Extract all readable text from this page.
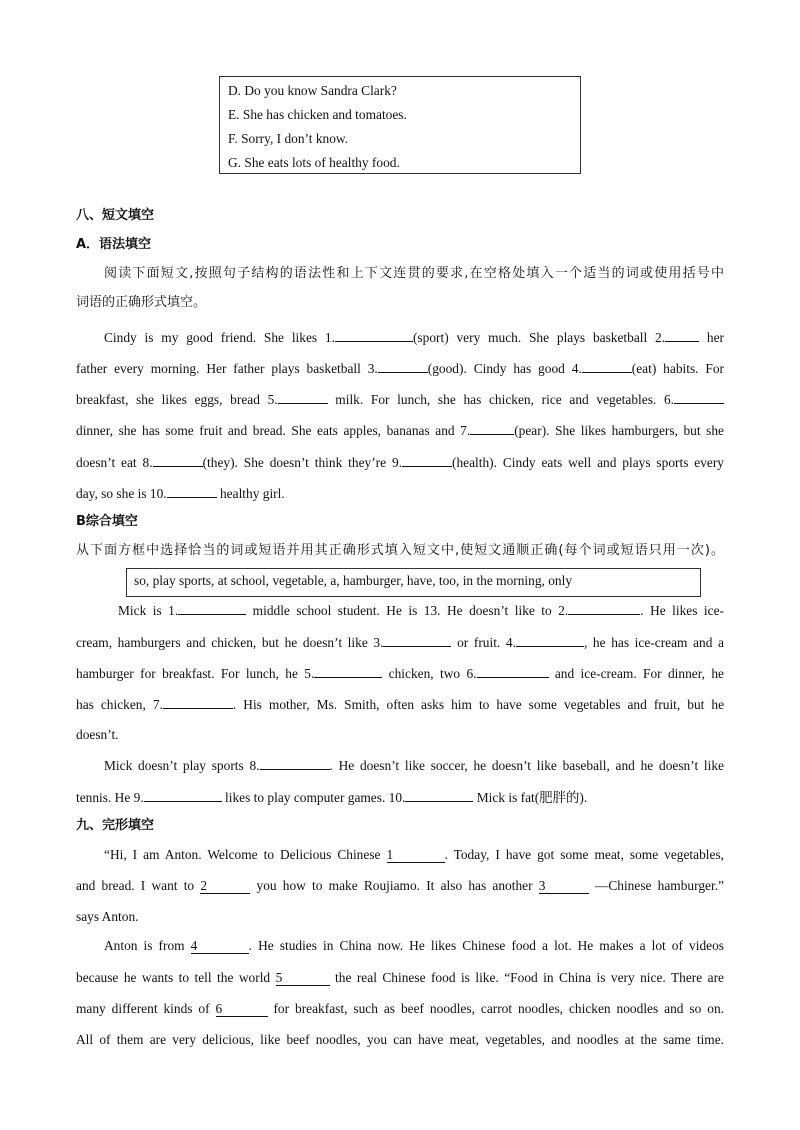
D. Do you know Sandra Clark?
E. She has chicken and tomatoes.
F. Sorry, I don’t know.
G. She eats lots of healthy food.
八、短文填空
A．语法填空
阅读下面短文,按照句子结构的语法性和上下文连贯的要求,在空格处填入一个适当的词或使用括号中
词语的正确形式填空。
Cindy is my good friend. She likes 1.	(sport) very much. She plays basketball 2.	her
father every morning. Her father plays basketball 3.	(good). Cindy has good 4.	(eat) habits. For
breakfast, she likes eggs, bread 5.	milk. For lunch, she has chicken, rice and vegetables. 6.
dinner, she has some fruit and bread. She eats apples, bananas and 7.	(pear). She likes hamburgers, but she
doesn’t eat 8.	(they). She doesn’t think they’re 9.	(health). Cindy eats well and plays sports every
day, so she is 10.	healthy girl.
B综合填空
从下面方框中选择恰当的词或短语并用其正确形式填入短文中,使短文通顺正确(每个词或短语只用一次)。
so, play sports, at school, vegetable, a, hamburger, have, too, in the morning, only
Mick is 1.	middle school student. He is 13. He doesn’t like to 2.	. He likes ice-
cream, hamburgers and chicken, but he doesn’t like 3.	or fruit. 4.	, he has ice-cream and a
hamburger for breakfast. For lunch, he 5.	chicken, two 6.	and ice-cream. For dinner, he
has chicken, 7.	. His mother, Ms. Smith, often asks him to have some vegetables and fruit, but he
doesn’t.
Mick doesn’t play sports 8.	. He doesn’t like soccer, he doesn’t like baseball, and he doesn’t like
tennis. He 9.	likes to play computer games. 10.	Mick is fat(肥胖的).
九、完形填空
“Hi, I am Anton. Welcome to Delicious Chinese 1	. Today, I have got some meat, some vegetables,
and bread. I want to 2	you how to make Roujiamo. It also has another 3	—Chinese hamburger.”
says Anton.
Anton is from 4	. He studies in China now. He likes Chinese food a lot. He makes a lot of videos
because he wants to tell the world 5	the real Chinese food is like. “Food in China is very nice. There are
many different kinds of 6	for breakfast, such as beef noodles, carrot noodles, chicken noodles and so on.
All of them are very delicious, like beef noodles, you can have meat, vegetables, and noodles at the same time.
